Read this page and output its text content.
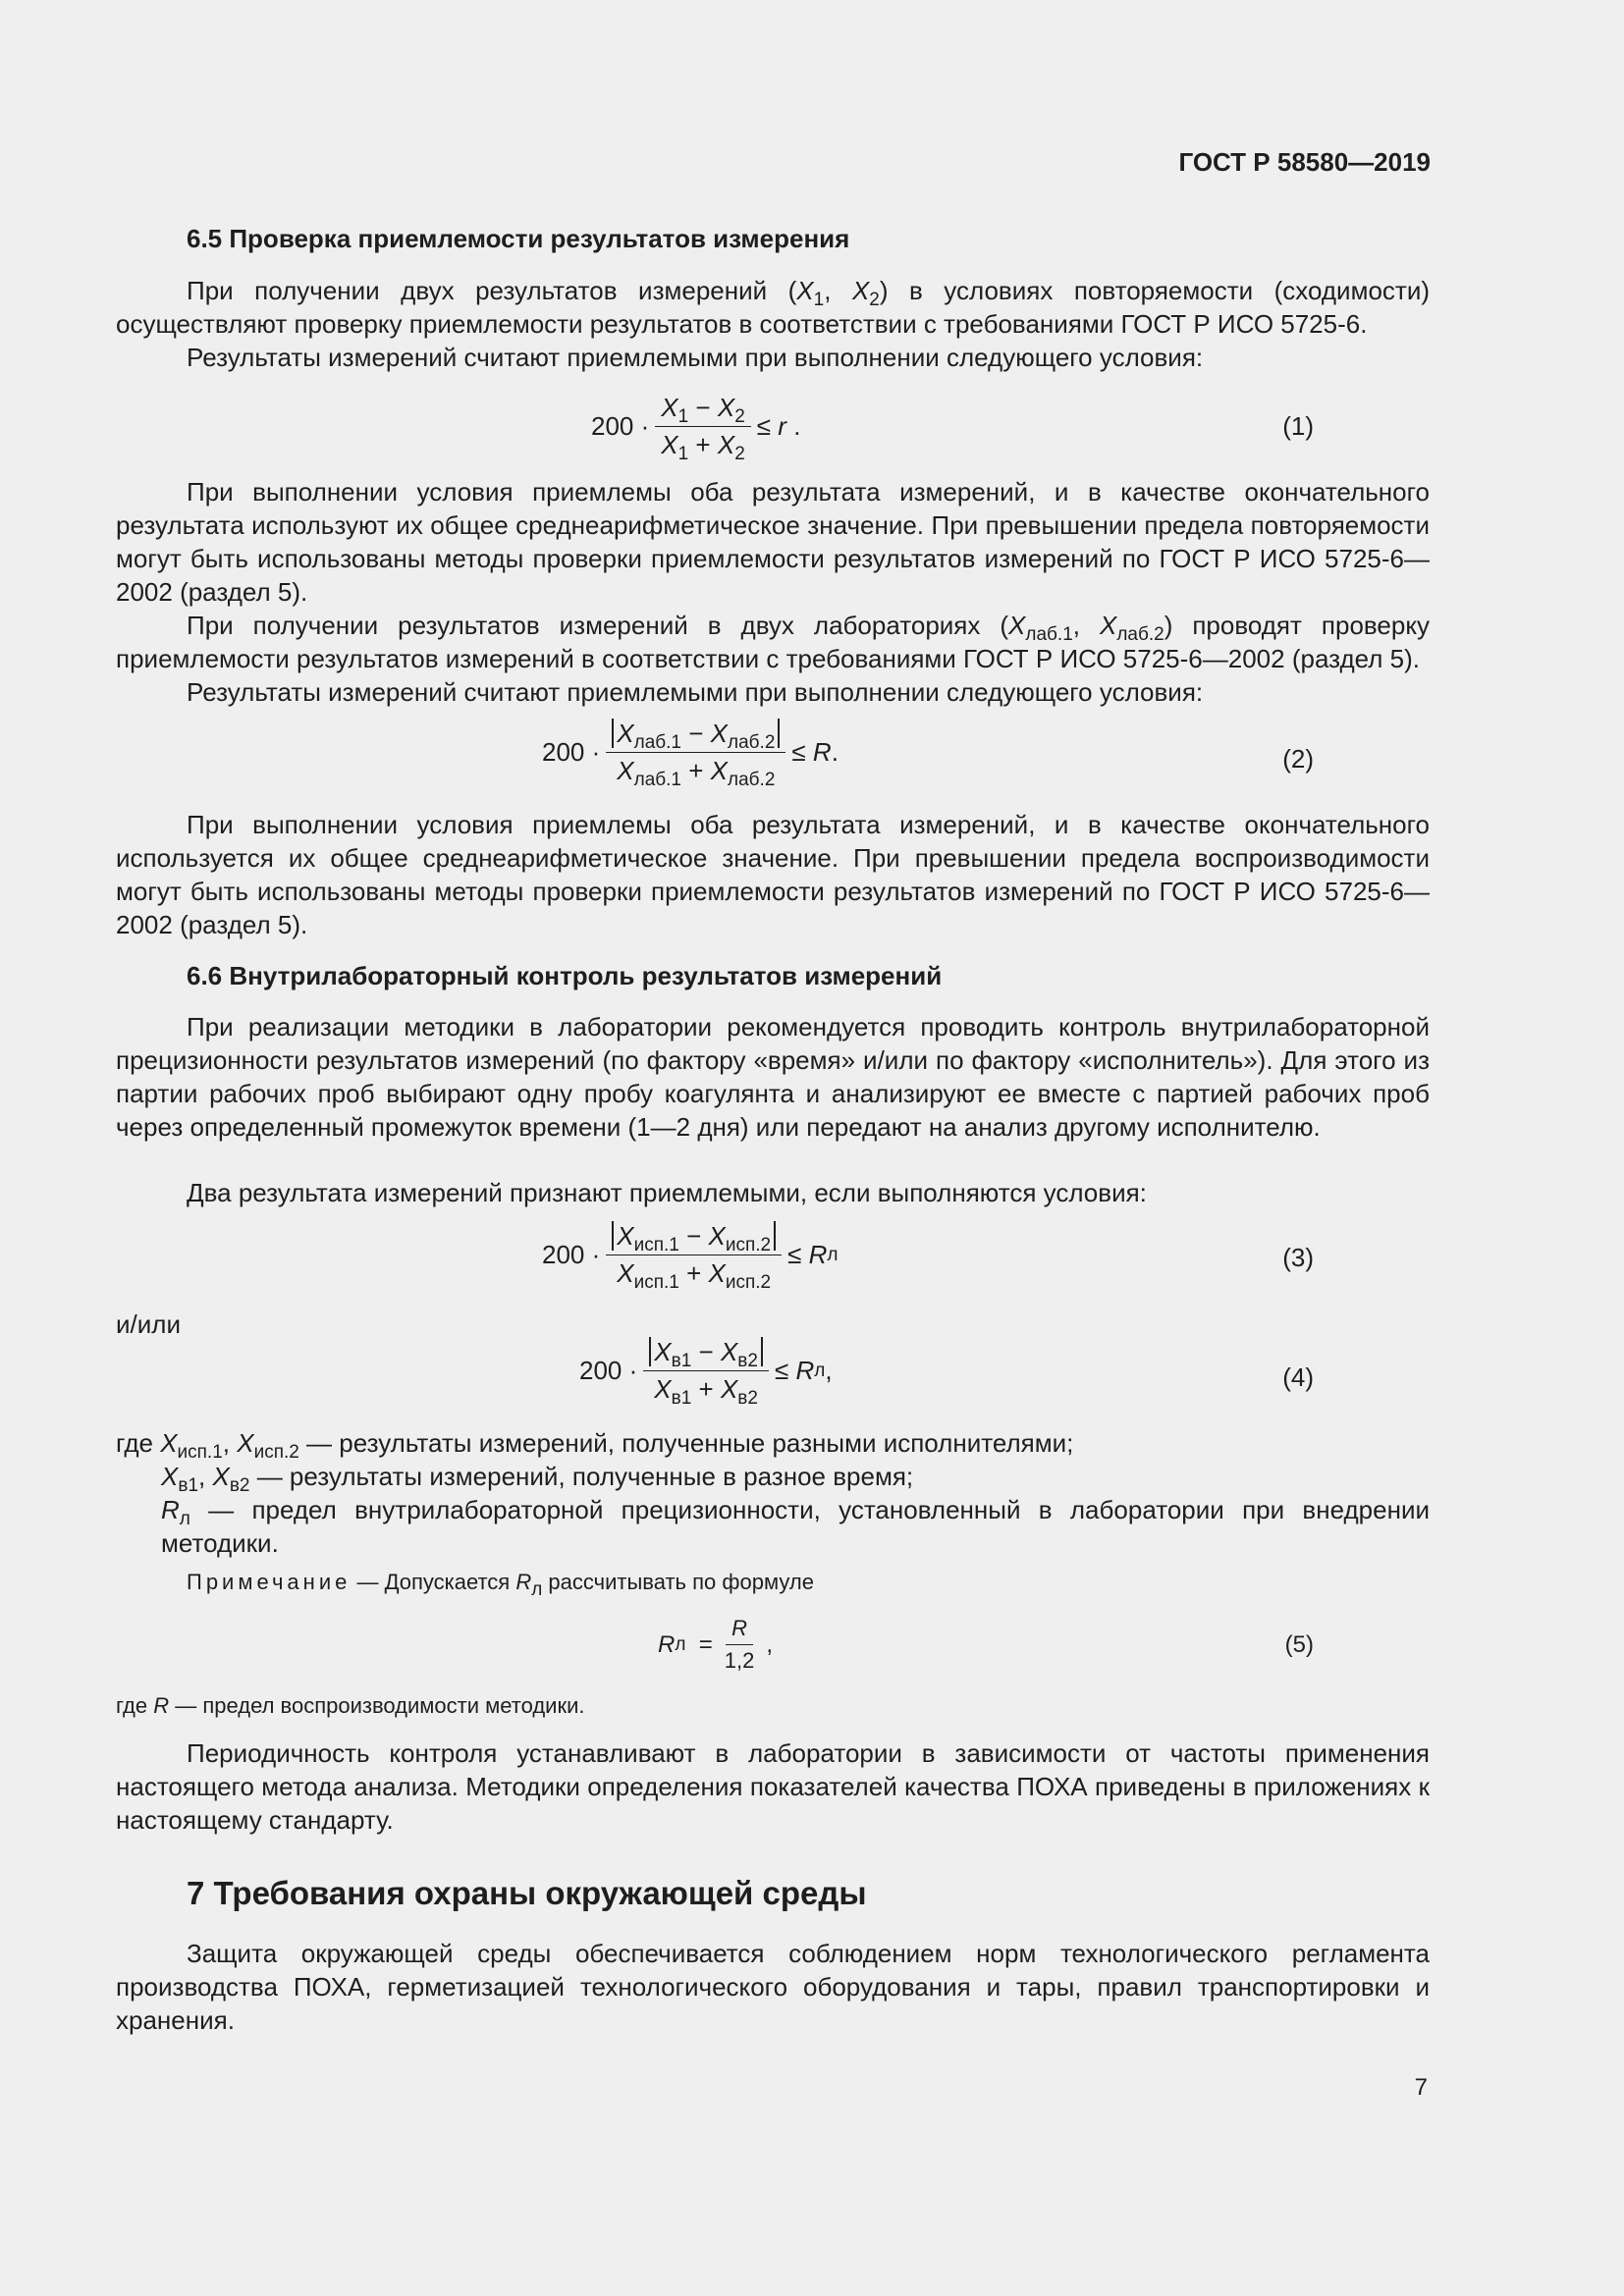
ГОСТ Р 58580—2019

6.5 Проверка приемлемости результатов измерения

При получении двух результатов измерений ($X_1$, $X_2$) в условиях повторяемости (сходимости) осуществляют проверку приемлемости результатов в соответствии с требованиями ГОСТ Р ИСО 5725-6.

Результаты измерений считают приемлемыми при выполнении следующего условия:

$200 \cdot \frac{X_1 - X_2}{X_1 + X_2}$ ≤
r
.	(1)

При выполнении условия приемлемы оба результата измерений, и в качестве окончательного результата используют их общее среднеарифметическое значение. При превышении предела повторяемости могут быть использованы методы проверки приемлемости результатов измерений по ГОСТ Р ИСО 5725-6—2002 (раздел 5).

При получении результатов измерений в двух лабораториях ($X_{лаб.1}$, $X_{лаб.2}$) проводят проверку приемлемости результатов измерений в соответствии с требованиями ГОСТ Р ИСО 5725-6—2002 (раздел 5).

Результаты измерений считают приемлемыми при выполнении следующего условия:

$200 \cdot \frac{X_{лаб.1} - X_{лаб.2}}{X_{лаб.1} + X_{лаб.2}}$ ≤
R .	(2)

При выполнении условия приемлемы оба результата измерений, и в качестве окончательного используется их общее среднеарифметическое значение. При превышении предела воспроизводимости могут быть использованы методы проверки приемлемости результатов измерений по ГОСТ Р ИСО 5725-6—2002 (раздел 5).

6.6 Внутрилабораторный контроль результатов измерений

При реализации методики в лаборатории рекомендуется проводить контроль внутрилабораторной прецизионности результатов измерений (по фактору «время» и/или по фактору «исполнитель»). Для этого из партии рабочих проб выбирают одну пробу коагулянта и анализируют ее вместе с партией рабочих проб через определенный промежуток времени (1—2 дня) или передают на анализ другому исполнителю.

Два результата измерений признают приемлемыми, если выполняются условия:

$200 \cdot \frac{X_{исп.1} - X_{исп.2}}{X_{исп.1} + X_{исп.2}}$ ≤
R л	(3)

и/или

$200 \cdot \frac{X_{в1} - X_{в2}}{X_{в1} + X_{в2}}$ ≤
R л ,	(4)

где $X_{исп.1}$, $X_{исп.2}$ — результаты измерений, полученные разными исполнителями;

$X_{в1}$, $X_{в2}$ — результаты измерений, полученные в разное время;

$R_л$ — предел внутрилабораторной прецизионности, установленный в лаборатории при внедрении методики.

Примечание — Допускается $R_л$ рассчитывать по формуле

R л
= $\frac{R}{1,2}$ ,	(5)

где R — предел воспроизводимости методики.

Периодичность контроля устанавливают в лаборатории в зависимости от частоты применения настоящего метода анализа. Методики определения показателей качества ПОХА приведены в приложениях к настоящему стандарту.

7 Требования охраны окружающей среды

Защита окружающей среды обеспечивается соблюдением норм технологического регламента производства ПОХА, герметизацией технологического оборудования и тары, правил транспортировки и хранения.

7
